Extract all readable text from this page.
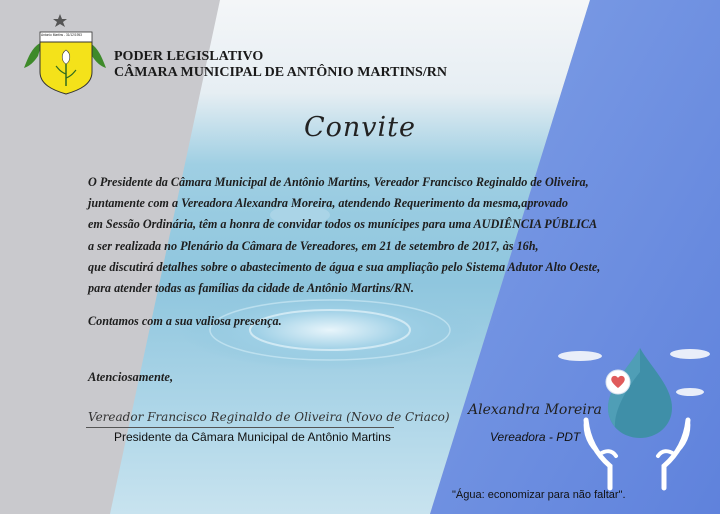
Antonio Martins - 31/12/1953
PODER LEGISLATIVO
CÂMARA MUNICIPAL DE ANTÔNIO MARTINS/RN
Convite

O Presidente da Câmara Municipal de Antônio Martins, Vereador Francisco Reginaldo de Oliveira,

juntamente com a Vereadora Alexandra Moreira, atendendo Requerimento da mesma,aprovado

em Sessão Ordinária, têm a honra de convidar todos os munícipes para uma AUDIÊNCIA PÚBLICA

a ser realizada no Plenário da Câmara de Vereadores, em 21 de setembro de 2017, às 16h,

que discutirá detalhes sobre o abastecimento de água e sua ampliação pelo Sistema Adutor Alto Oeste,

para atender todas as famílias da cidade de Antônio Martins/RN.

Contamos com a sua valiosa presença.
Atenciosamente,
Vereador Francisco Reginaldo de Oliveira (Novo de Criaco)
Presidente da Câmara Municipal de Antônio Martins
Alexandra Moreira
Vereadora - PDT
"Água: economizar para não faltar".
